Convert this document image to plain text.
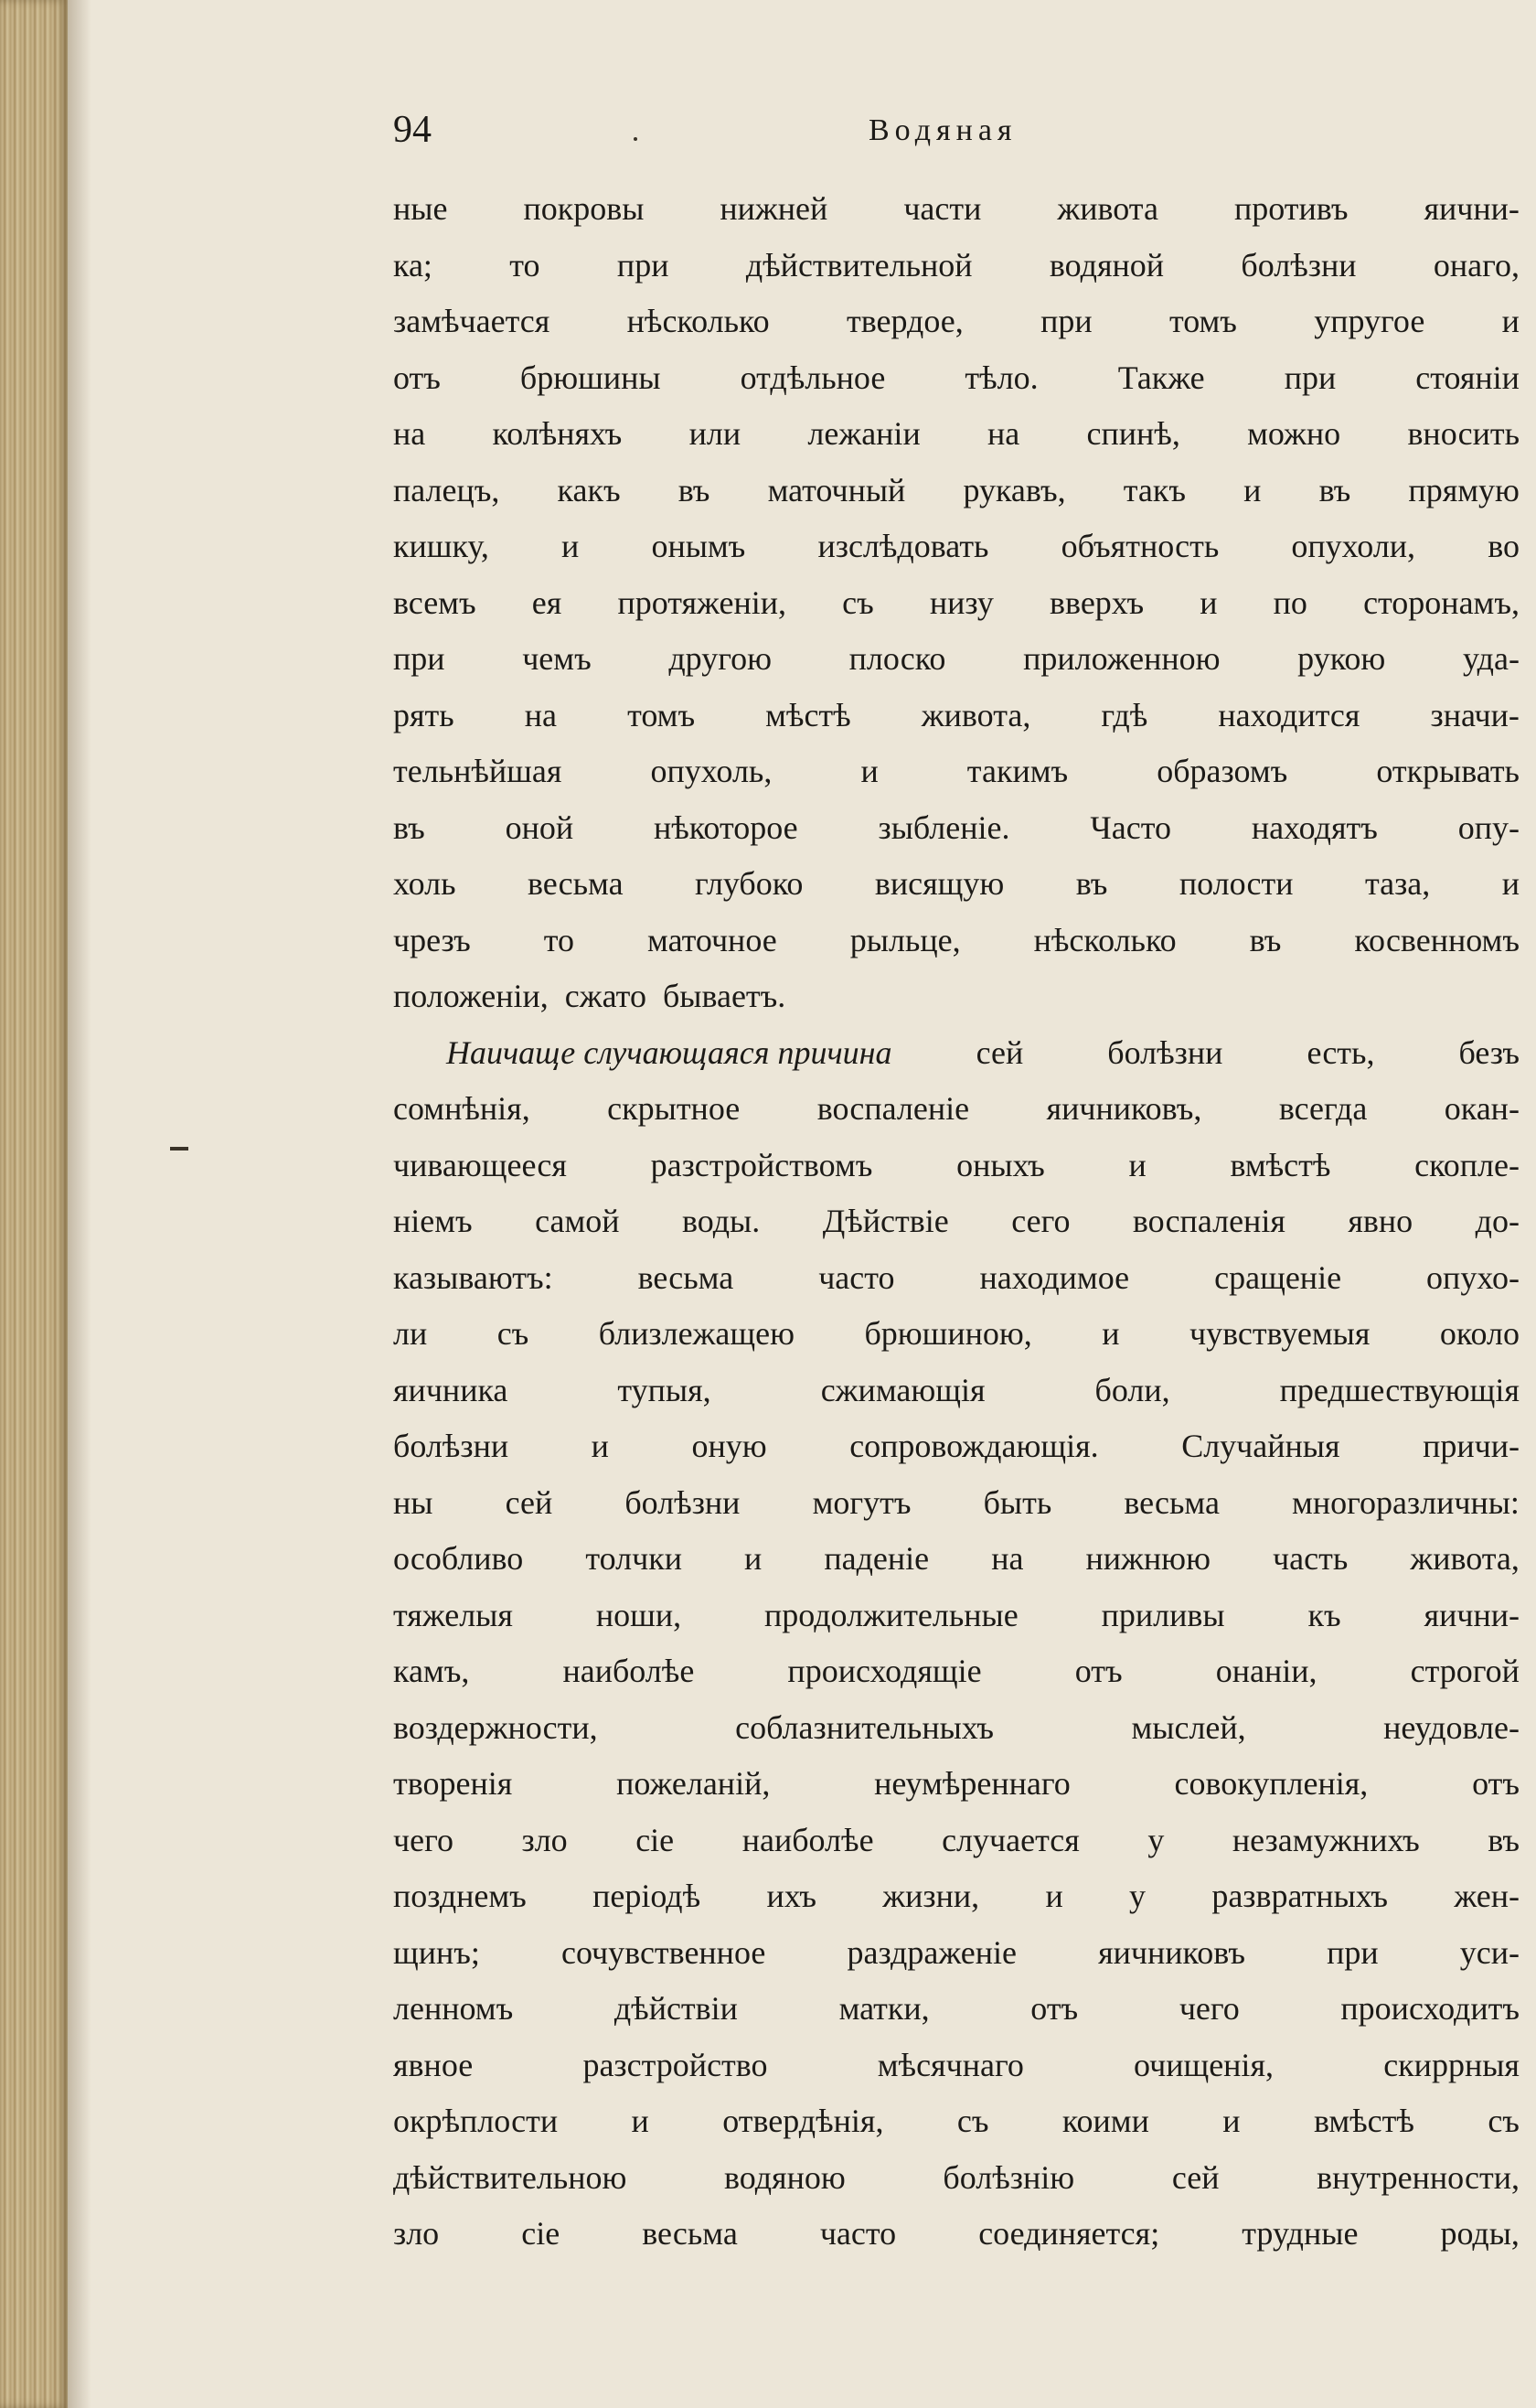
94	Водяная
ные покровы нижней части живота противъ яични-
ка; то при дѣйствительной водяной болѣзни онаго,
замѣчается нѣсколько твердое, при томъ упругое и
отъ брюшины отдѣльное тѣло. Также при стояніи
на колѣняхъ или лежаніи на спинѣ, можно вносить
палецъ, какъ въ маточный рукавъ, такъ и въ прямую
кишку, и онымъ изслѣдовать объятность опухоли, во
всемъ ея протяженіи, съ низу вверхъ и по сторонамъ,
при чемъ другою плоско приложенною рукою уда-
рять на томъ мѣстѣ живота, гдѣ находится значи-
тельнѣйшая	опухоль,	и	такимъ	образомъ	открывать
въ оной нѣкоторое зыбленіе. Часто находятъ опу-
холь весьма глубоко висящую въ полости таза, и
чрезъ то маточное рыльце, нѣсколько въ косвенномъ
положеніи, сжато бываетъ.
Наичаще случающаяся причина	сей	болѣзни	есть,	безъ
сомнѣнія, скрытное воспаленіе яичниковъ, всегда окан-
чивающееся	разстройствомъ	оныхъ	и	вмѣстѣ	скопле-
ніемъ самой воды. Дѣйствіе сего воспаленія явно до-
казываютъ:	весьма	часто	находимое	сращеніе	опухо-
ли съ близлежащею брюшиною, и чувствуемыя около
яичника	тупыя,	сжимающія	боли,	предшествующія
болѣзни	и	оную	сопровождающія.	Случайныя	причи-
ны сей болѣзни могутъ быть весьма многоразличны:
особливо толчки и паденіе на нижнюю часть живота,
тяжелыя	ноши,	продолжительные	приливы	къ	яични-
камъ,	наиболѣе	происходящіе	отъ	онаніи,	строгой
воздержности,	соблазнительныхъ	мыслей,	неудовле-
творенія	пожеланій,	неумѣреннаго	совокупленія,	отъ
чего зло сіе наиболѣе случается у незамужнихъ въ
позднемъ періодѣ ихъ жизни, и у развратныхъ жен-
щинъ; сочувственное раздраженіе яичниковъ при уси-
ленномъ	дѣйствіи	матки,	отъ	чего	происходитъ
явное	разстройство	мѣсячнаго	очищенія,	скиррныя
окрѣплости и отвердѣнія, съ коими и вмѣстѣ съ
дѣйствительною	водяною	болѣзнію	сей	внутренности,
зло	сіе	весьма	часто	соединяется;	трудные	роды,
